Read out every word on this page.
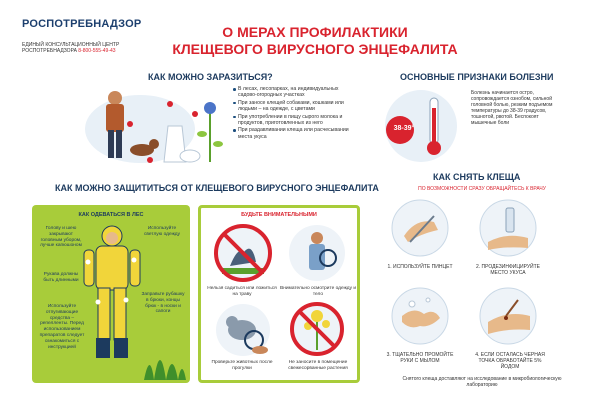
РОСПОТРЕБНАДЗОР
ЕДИНЫЙ КОНСУЛЬТАЦИОННЫЙ ЦЕНТР
РОСПОТРЕБНАДЗОРА 8-800-555-49-43
О МЕРАХ ПРОФИЛАКТИКИ
КЛЕЩЕВОГО ВИРУСНОГО ЭНЦЕФАЛИТА
КАК МОЖНО ЗАРАЗИТЬСЯ?
В лесах, лесопарках, на индивидуальных садово-огородных участках
При заносе клещей собаками, кошками или людьми – на одежде, с цветами
При употреблении в пищу сырого молока и продуктов, приготовленных из него
При раздавливании клеща или расчесывании места укуса
ОСНОВНЫЕ ПРИЗНАКИ БОЛЕЗНИ
38-39°
Болезнь начинается остро, сопровождается ознобом, сильной головной болью, резким подъемом температуры до 38-39 градусов, тошнотой, рвотой. Беспокоят мышечные боли
КАК МОЖНО ЗАЩИТИТЬСЯ ОТ КЛЕЩЕВОГО ВИРУСНОГО ЭНЦЕФАЛИТА
КАК ОДЕВАТЬСЯ В ЛЕС
Голову и шею закрывают головным убором, лучше капюшоном
Используйте светлую одежду
Рукава должны быть длинными
Используйте отпугивающие средства – репелленты. Перед использованием препаратов следует ознакомиться с инструкцией
Заправьте рубашку в брюки, концы брюк - в носки и сапоги
БУДЬТЕ ВНИМАТЕЛЬНЫМИ
Нельзя садиться или ложиться на траву
Внимательно осмотрите одежду и тело
Проверьте животных после прогулки
Не заносите в помещение свежесорванные растения
КАК СНЯТЬ КЛЕЩА
ПО ВОЗМОЖНОСТИ СРАЗУ ОБРАЩАЙТЕСЬ К ВРАЧУ
1. ИСПОЛЬЗУЙТЕ ПИНЦЕТ	2. ПРОДЕЗИНФИЦИРУЙТЕ МЕСТО УКУСА
3. ТЩАТЕЛЬНО ПРОМОЙТЕ РУКИ С МЫЛОМ
4. ЕСЛИ ОСТАЛАСЬ ЧЕРНАЯ ТОЧКА ОБРАБОТАЙТЕ 5% ЙОДОМ
Снятого клеща доставляют на исследование в микробиологическую лабораторию
